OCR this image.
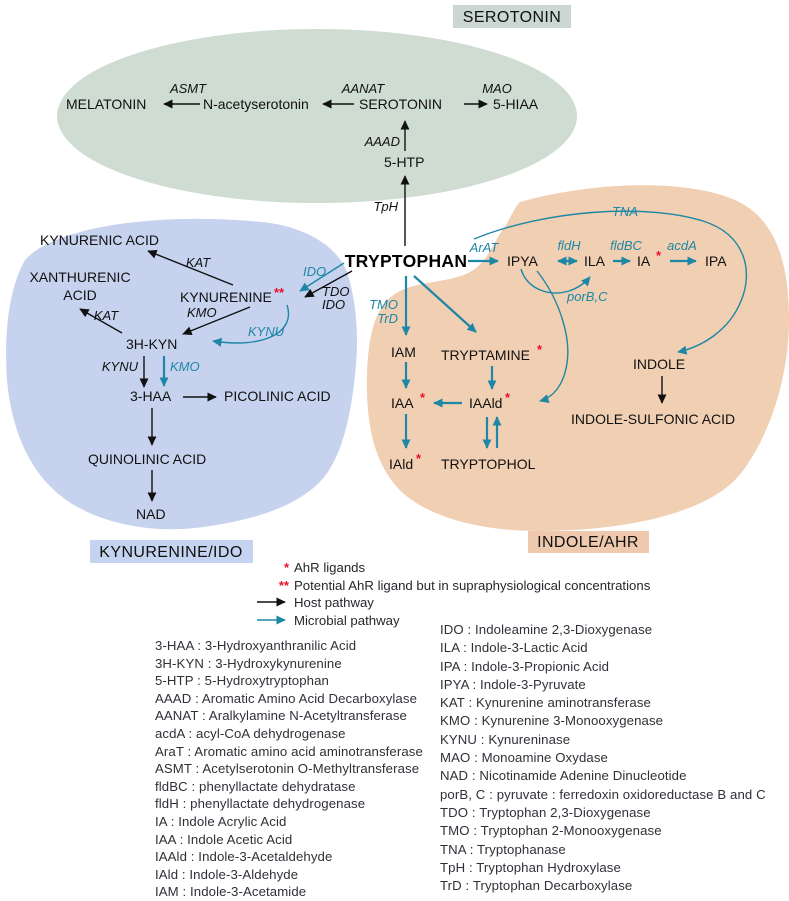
SEROTONIN
KYNURENINE/IDO
INDOLE/AHR
MELATONIN	N-acetyserotonin	SEROTONIN	5-HIAA
5-HTP
ASMT	AANAT	MAO
AAAD
TpH
TRYPTOPHAN
KYNURENIC ACID
XANTHURENIC
ACID	KYNURENINE **
3H-KYN
3-HAA	PICOLINIC ACID
QUINOLINIC ACID
NAD
IDO
TDO
IDO
KAT
KMO
KYNU
KAT
KYNU KMO
IPYA	ILA IA *	IPA
IAM TRYPTAMINE *
IAA *	IAAld *
IAld * TRYPTOPHOL
INDOLE
INDOLE-SULFONIC ACID
ArAT	fldH fldBC acdA
TNA
porB,C
TMO
TrD
* AhR ligands
** Potential AhR ligand but in supraphysiological concentrations
Host pathway
Microbial pathway
3-HAA : 3-Hydroxyanthranilic Acid
3H-KYN : 3-Hydroxykynurenine
5-HTP : 5-Hydroxytryptophan
AAAD : Aromatic Amino Acid Decarboxylase
AANAT : Aralkylamine N-Acetyltransferase
acdA : acyl-CoA dehydrogenase
AraT : Aromatic amino acid aminotransferase
ASMT : Acetylserotonin O-Methyltransferase
fldBC : phenyllactate dehydratase
fldH : phenyllactate dehydrogenase
IA : Indole Acrylic Acid
IAA : Indole Acetic Acid
IAAld : Indole-3-Acetaldehyde
IAld : Indole-3-Aldehyde
IAM : Indole-3-Acetamide
IDO : Indoleamine 2,3-Dioxygenase
ILA : Indole-3-Lactic Acid
IPA : Indole-3-Propionic Acid
IPYA : Indole-3-Pyruvate
KAT : Kynurenine aminotransferase
KMO : Kynurenine 3-Monooxygenase
KYNU : Kynureninase
MAO : Monoamine Oxydase
NAD : Nicotinamide Adenine Dinucleotide
porB, C : pyruvate : ferredoxin oxidoreductase B and C
TDO : Tryptophan 2,3-Dioxygenase
TMO : Tryptophan 2-Monooxygenase
TNA : Tryptophanase
TpH : Tryptophan Hydroxylase
TrD : Tryptophan Decarboxylase
